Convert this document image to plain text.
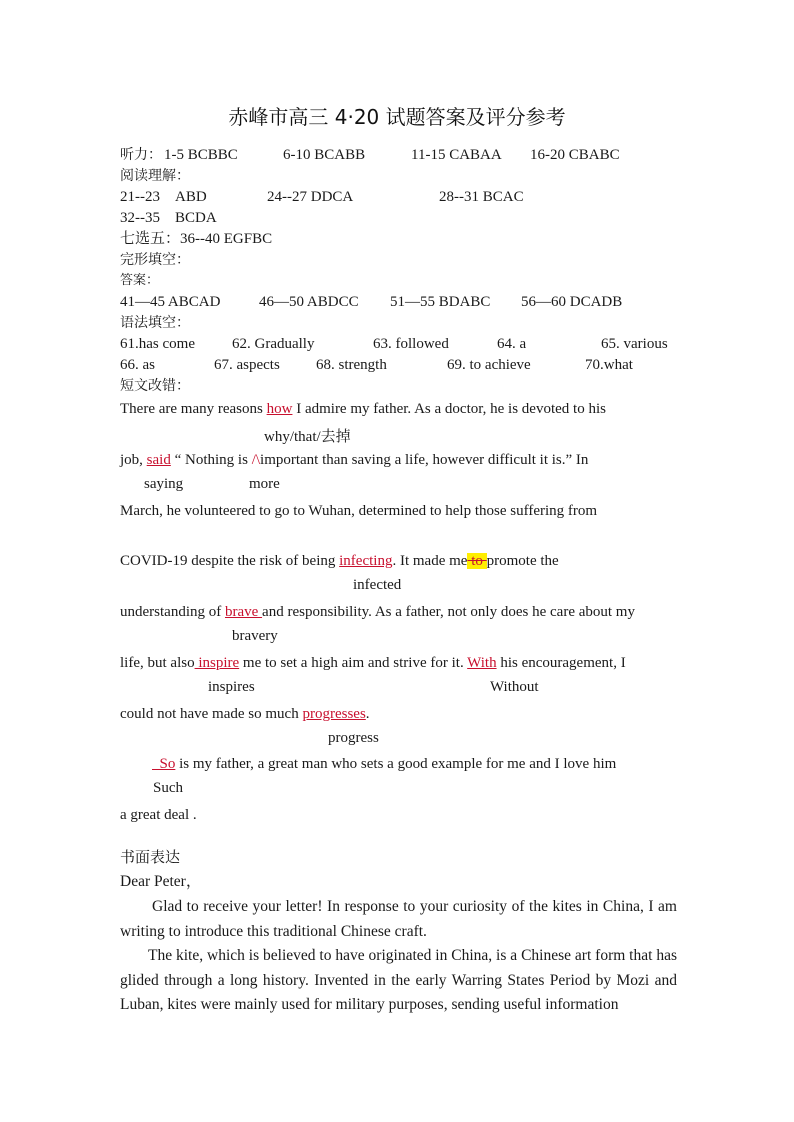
赤峰市高三 4·20 试题答案及评分参考
听力： 1-5 BCBBC	6-10 BCABB	11-15 CABAA 16-20 CBABC
阅读理解：
21--23　ABD	24--27 DDCA	28--31 BCAC
32--35　BCDA
七选五：36--40 EGFBC
完形填空：
答案：
41—45 ABCAD	46—50 ABDCC 51—55 BDABC 56—60 DCADB
语法填空：
61.has come 62. Gradually	63. followed	64. a	65. various
66. as	67. aspects 68. strength	69. to achieve	70.what
短文改错：
There are many reasons how I admire my father. As a doctor, he is devoted to his
why/that/去掉
job, said “ Nothing is /\important than saving a life, however difficult it is.” In
saying	more
March, he volunteered to go to Wuhan, determined to help those suffering from
COVID-19 despite the risk of being infecting. It made me to promote the
infected
understanding of brave and responsibility. As a father, not only does he care about my
bravery
life, but also inspire me to set a high aim and strive for it. With his encouragement, I
inspires	Without
could not have made so much progresses.
progress
So is my father, a great man who sets a good example for me and I love him
Such
a great deal .
书面表达
Dear Peter，
Glad to receive your letter! In response to your curiosity of the kites in China, I am writing to introduce this traditional Chinese craft.
The kite, which is believed to have originated in China, is a Chinese art form that has glided through a long history. Invented in the early Warring States Period by Mozi and Luban, kites were mainly used for military purposes, sending useful information
